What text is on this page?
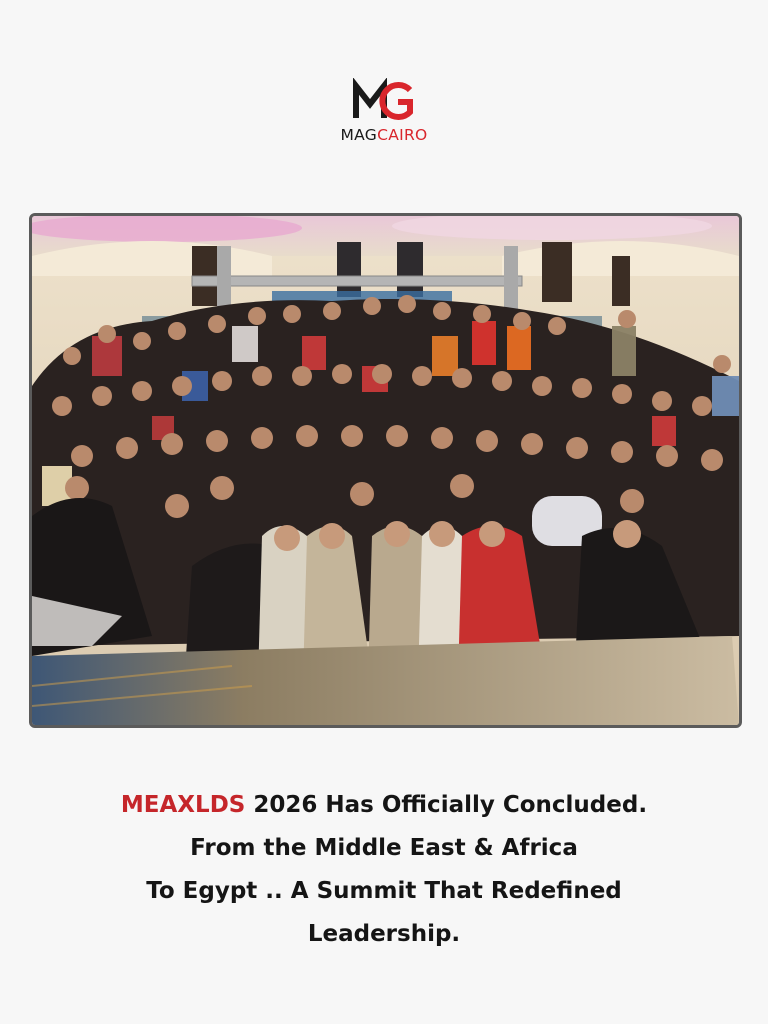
MAGCAIRO
MEAXLDS 2026 Has Officially Concluded.
From the Middle East & Africa
To Egypt .. A Summit That Redefined
Leadership.
